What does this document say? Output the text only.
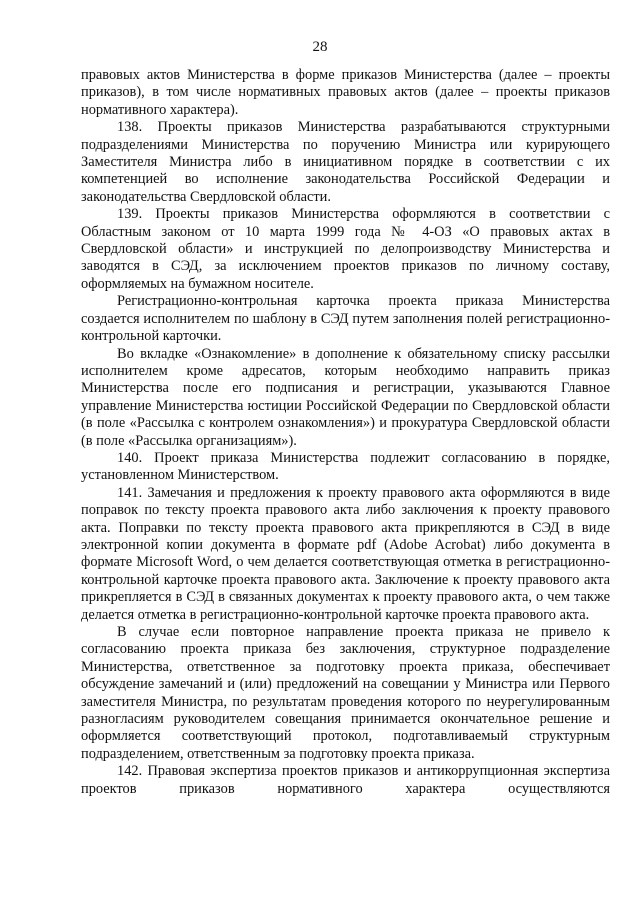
28

правовых актов Министерства в форме приказов Министерства (далее – проекты приказов), в том числе нормативных правовых актов (далее – проекты приказов нормативного характера).

138. Проекты приказов Министерства разрабатываются структурными подразделениями Министерства по поручению Министра или курирующего Заместителя Министра либо в инициативном порядке в соответствии с их компетенцией во исполнение законодательства Российской Федерации и законодательства Свердловской области.

139. Проекты приказов Министерства оформляются в соответствии с Областным законом от 10 марта 1999 года № 4-ОЗ «О правовых актах в Свердловской области» и инструкцией по делопроизводству Министерства и заводятся в СЭД, за исключением проектов приказов по личному составу, оформляемых на бумажном носителе.

Регистрационно-контрольная карточка проекта приказа Министерства создается исполнителем по шаблону в СЭД путем заполнения полей регистрационно-контрольной карточки.

Во вкладке «Ознакомление» в дополнение к обязательному списку рассылки исполнителем кроме адресатов, которым необходимо направить приказ Министерства после его подписания и регистрации, указываются Главное управление Министерства юстиции Российской Федерации по Свердловской области (в поле «Рассылка с контролем ознакомления») и прокуратура Свердловской области (в поле «Рассылка организациям»).

140. Проект приказа Министерства подлежит согласованию в порядке, установленном Министерством.

141. Замечания и предложения к проекту правового акта оформляются в виде поправок по тексту проекта правового акта либо заключения к проекту правового акта. Поправки по тексту проекта правового акта прикрепляются в СЭД в виде электронной копии документа в формате pdf (Adobe Acrobat) либо документа в формате Microsoft Word, о чем делается соответствующая отметка в регистрационно-контрольной карточке проекта правового акта. Заключение к проекту правового акта прикрепляется в СЭД в связанных документах к проекту правового акта, о чем также делается отметка в регистрационно-контрольной карточке проекта правового акта.

В случае если повторное направление проекта приказа не привело к согласованию проекта приказа без заключения, структурное подразделение Министерства, ответственное за подготовку проекта приказа, обеспечивает обсуждение замечаний и (или) предложений на совещании у Министра или Первого заместителя Министра, по результатам проведения которого по неурегулированным разногласиям руководителем совещания принимается окончательное решение и оформляется соответствующий протокол, подготавливаемый структурным подразделением, ответственным за подготовку проекта приказа.

142. Правовая экспертиза проектов приказов и антикоррупционная экспертиза проектов приказов нормативного характера осуществляются
